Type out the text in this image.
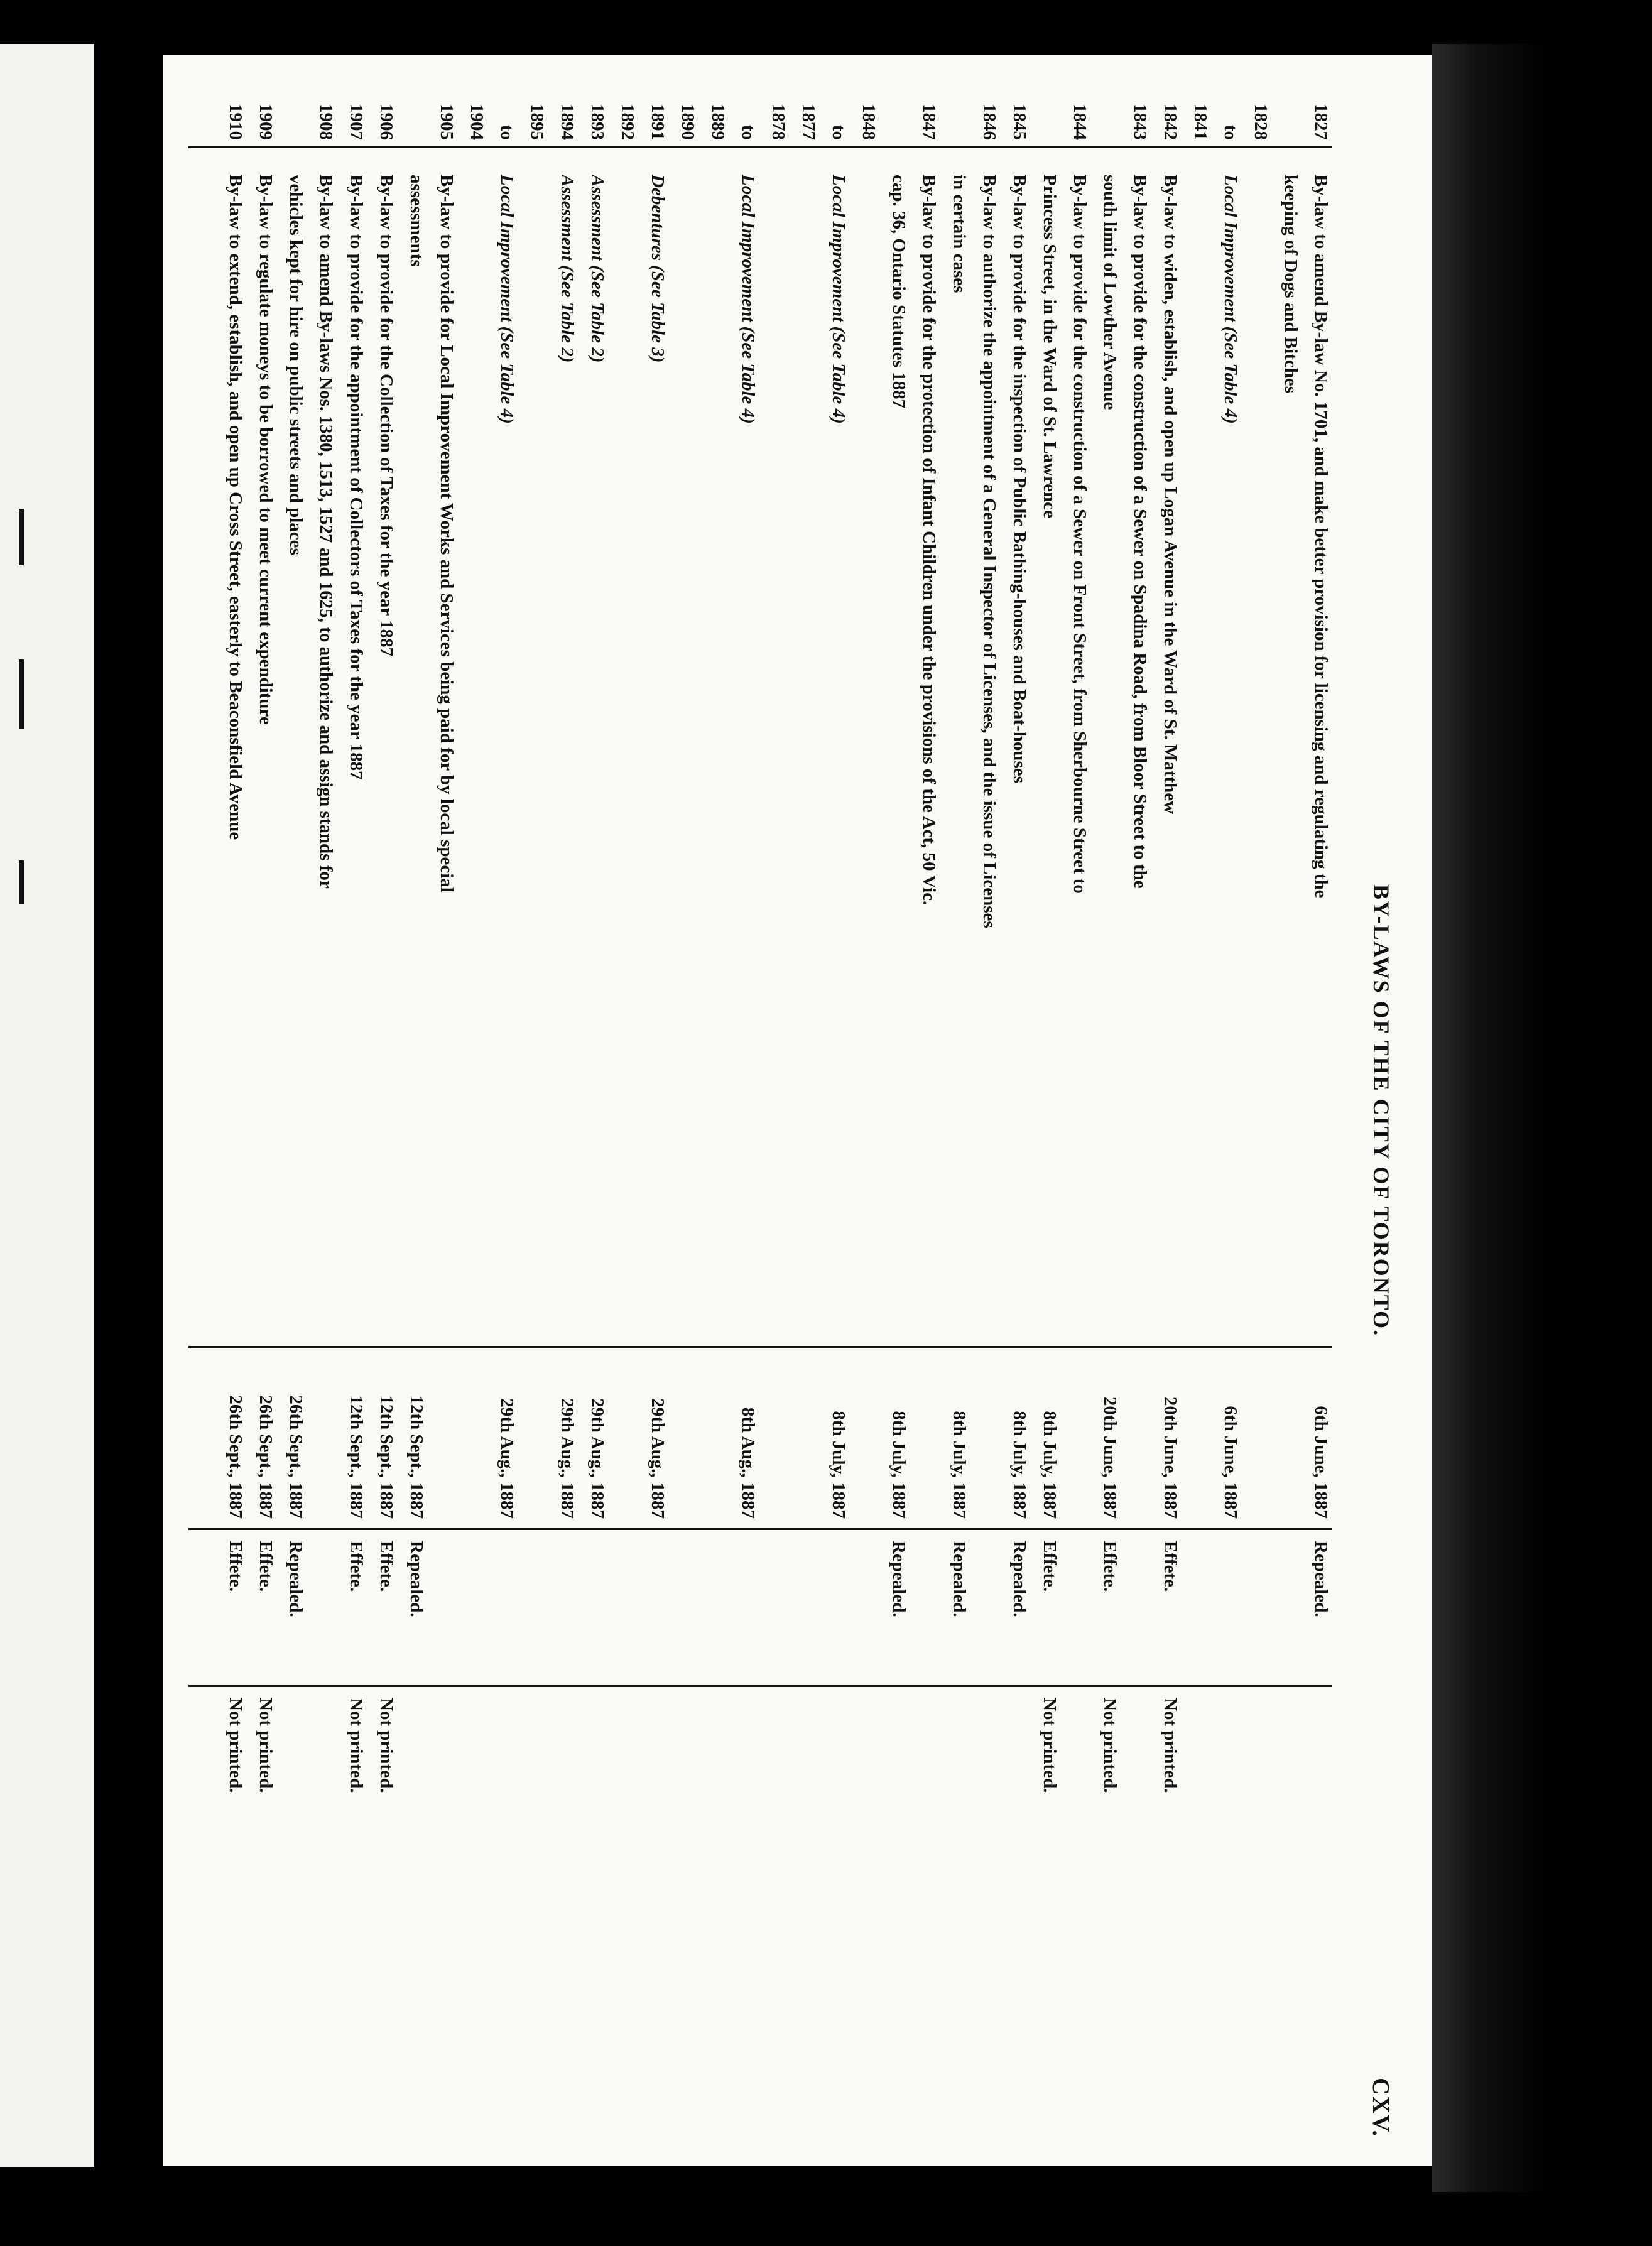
BY-LAWS OF THE CITY OF TORONTO.
CXV.
1827
By-law to amend By-law No. 1701, and make better provision for licensing and regulating the
6th June, 1887
Repealed.
keeping of Dogs and Bitches
1828
to
Local Improvement (See Table 4)
6th June, 1887
1841
1842
By-law to widen, establish, and open up Logan Avenue in the Ward of St. Matthew
20th June, 1887
Effete.
Not printed.
1843
By-law to provide for the construction of a Sewer on Spadina Road, from Bloor Street to the
south limit of Lowther Avenue
20th June, 1887
Effete.
Not printed.
1844
By-law to provide for the construction of a Sewer on Front Street, from Sherbourne Street to
Princess Street, in the Ward of St. Lawrence
8th July, 1887
Effete.
Not printed.
1845
By-law to provide for the inspection of Public Bathing-houses and Boat-houses
8th July, 1887
Repealed.
1846
By-law to authorize the appointment of a General Inspector of Licenses, and the issue of Licenses
in certain cases
8th July, 1887
Repealed.
1847
By-law to provide for the protection of Infant Children under the provisions of the Act, 50 Vic.
cap. 36, Ontario Statutes 1887
8th July, 1887
Repealed.
1848
to
Local Improvement (See Table 4)
8th July, 1887
1877
1878
to
Local Improvement (See Table 4)
8th Aug., 1887
1889
1890
1891
Debentures (See Table 3)
29th Aug., 1887
1892
1893
Assessment (See Table 2)
29th Aug., 1887
1894
Assessment (See Table 2)
29th Aug., 1887
1895
to
Local Improvement (See Table 4)
29th Aug., 1887
1904
1905
By-law to provide for Local Improvement Works and Services being paid for by local special
assessments
12th Sept., 1887
Repealed.
1906
By-law to provide for the Collection of Taxes for the year 1887
12th Sept., 1887
Effete.
Not printed.
1907
By-law to provide for the appointment of Collectors of Taxes for the year 1887
12th Sept., 1887
Effete.
Not printed.
1908
By-law to amend By-laws Nos. 1380, 1513, 1527 and 1625, to authorize and assign stands for
vehicles kept for hire on public streets and places
26th Sept., 1887
Repealed.
1909
By-law to regulate moneys to be borrowed to meet current expenditure
26th Sept., 1887
Effete.
Not printed.
1910
By-law to extend, establish, and open up Cross Street, easterly to Beaconsfield Avenue
26th Sept., 1887
Effete.
Not printed.
